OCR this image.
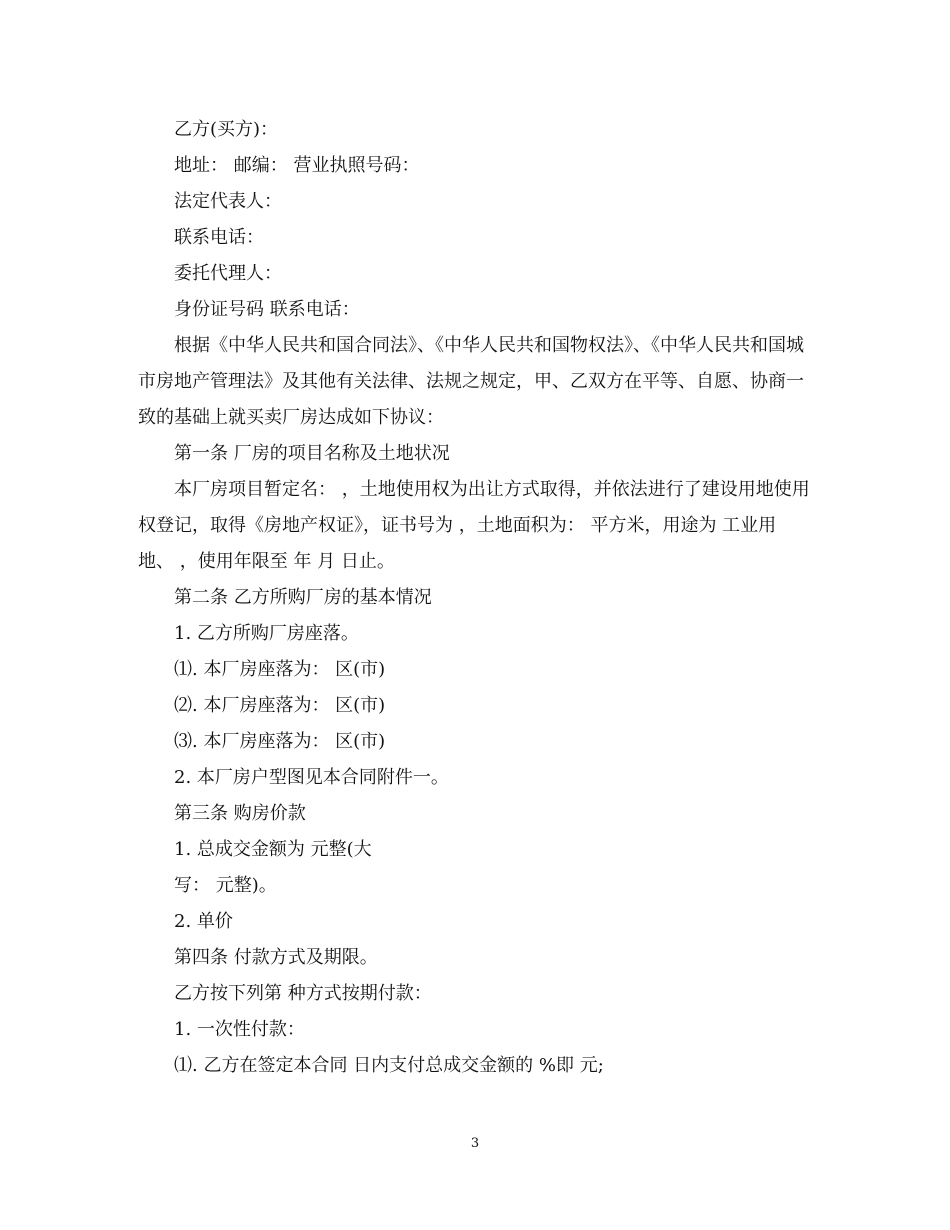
乙方(买方)：

地址： 邮编： 营业执照号码：

法定代表人：

联系电话：

委托代理人：

身份证号码 联系电话：

根据《中华人民共和国合同法》、《中华人民共和国物权法》、《中华人民共和国城市房地产管理法》及其他有关法律、法规之规定，甲、乙双方在平等、自愿、协商一致的基础上就买卖厂房达成如下协议：

第一条 厂房的项目名称及土地状况

本厂房项目暂定名： ，土地使用权为出让方式取得，并依法进行了建设用地使用权登记，取得《房地产权证》，证书号为 ，土地面积为： 平方米，用途为 工业用地、 ，使用年限至 年 月 日止。

第二条 乙方所购厂房的基本情况

1. 乙方所购厂房座落。

⑴. 本厂房座落为： 区(市)

⑵. 本厂房座落为： 区(市)

⑶. 本厂房座落为： 区(市)

2. 本厂房户型图见本合同附件一。

第三条 购房价款

1. 总成交金额为 元整(大

写： 元整)。

2. 单价

第四条 付款方式及期限。

乙方按下列第 种方式按期付款：

1. 一次性付款：

⑴. 乙方在签定本合同 日内支付总成交金额的 %即 元;

3
